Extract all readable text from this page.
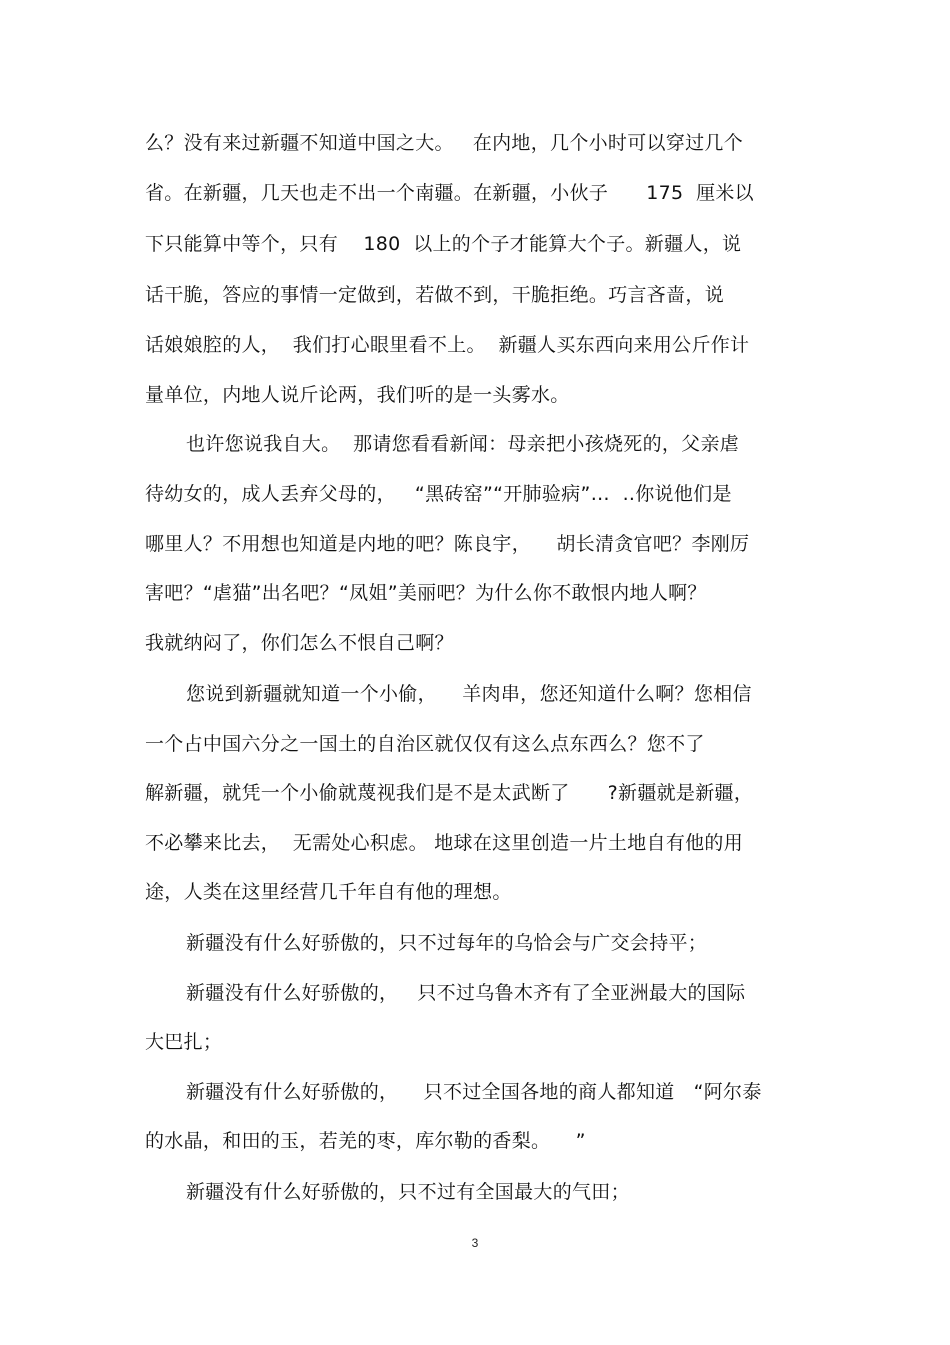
么？没有来过新疆不知道中国之大。   在内地，几个小时可以穿过几个
省。在新疆，几天也走不出一个南疆。在新疆，小伙子      175  厘米以
下只能算中等个，只有    180  以上的个子才能算大个子。新疆人，说
话干脆，答应的事情一定做到，若做不到，干脆拒绝。巧言吝啬，说
话娘娘腔的人，  我们打心眼里看不上。  新疆人买东西向来用公斤作计
量单位，内地人说斤论两，我们听的是一头雾水。
也许您说我自大。  那请您看看新闻：母亲把小孩烧死的，父亲虐
待幼女的，成人丢弃父母的，   “黑砖窑”“开肺验病”…  ..你说他们是
哪里人？不用想也知道是内地的吧？陈良宇，    胡长清贪官吧？李刚厉
害吧？“虐猫”出名吧？“凤姐”美丽吧？为什么你不敢恨内地人啊？
我就纳闷了，你们怎么不恨自己啊？
您说到新疆就知道一个小偷，    羊肉串，您还知道什么啊？您相信
一个占中国六分之一国土的自治区就仅仅有这么点东西么？您不了
解新疆，就凭一个小偷就蔑视我们是不是太武断了      ?新疆就是新疆，
不必攀来比去，  无需处心积虑。 地球在这里创造一片土地自有他的用
途，人类在这里经营几千年自有他的理想。
新疆没有什么好骄傲的，只不过每年的乌恰会与广交会持平；
新疆没有什么好骄傲的，   只不过乌鲁木齐有了全亚洲最大的国际
大巴扎；
新疆没有什么好骄傲的，    只不过全国各地的商人都知道   “阿尔泰
的水晶，和田的玉，若羌的枣，库尔勒的香梨。    ”
新疆没有什么好骄傲的，只不过有全国最大的气田；
3
